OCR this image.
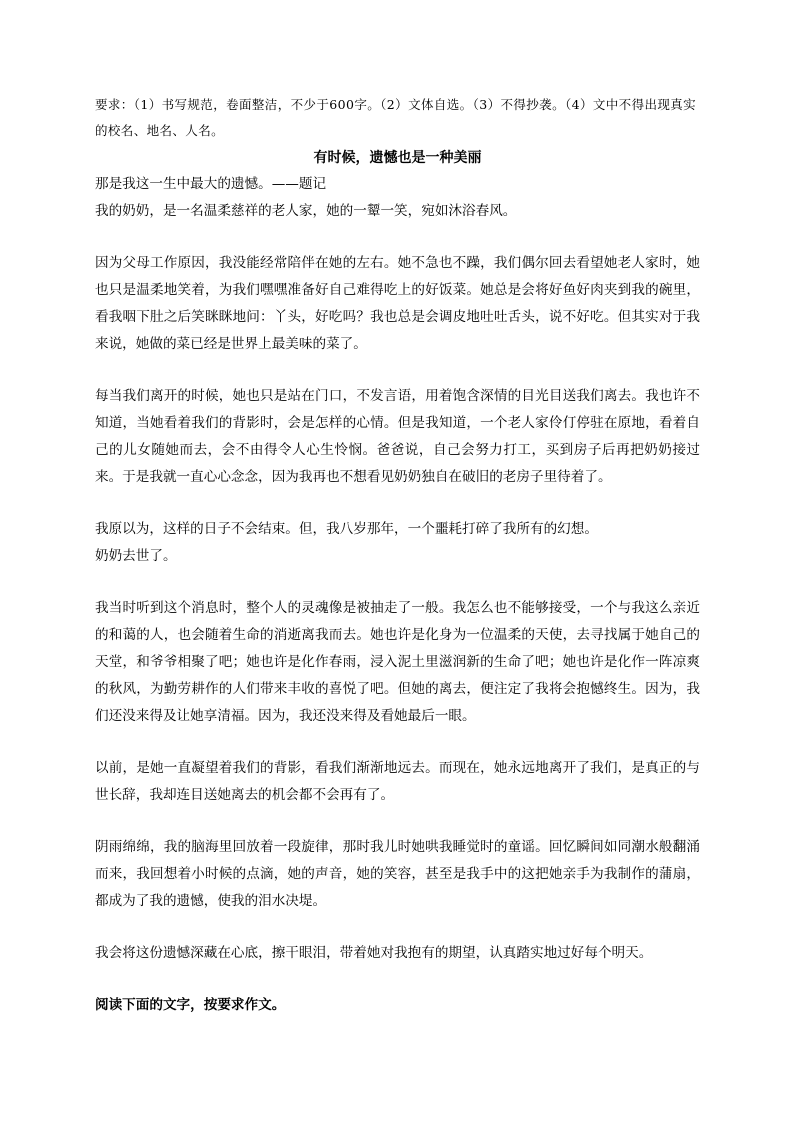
要求：（1）书写规范，卷面整洁，不少于600字。（2）文体自选。（3）不得抄袭。（4）文中不得出现真实的校名、地名、人名。

有时候，遗憾也是一种美丽

那是我这一生中最大的遗憾。——题记

我的奶奶，是一名温柔慈祥的老人家，她的一颦一笑，宛如沐浴春风。

因为父母工作原因，我没能经常陪伴在她的左右。她不急也不躁，我们偶尔回去看望她老人家时，她也只是温柔地笑着，为我们嘿嘿准备好自己难得吃上的好饭菜。她总是会将好鱼好肉夹到我的碗里，看我咽下肚之后笑眯眯地问：丫头，好吃吗？我也总是会调皮地吐吐舌头，说不好吃。但其实对于我来说，她做的菜已经是世界上最美味的菜了。

每当我们离开的时候，她也只是站在门口，不发言语，用着饱含深情的目光目送我们离去。我也许不知道，当她看着我们的背影时，会是怎样的心情。但是我知道，一个老人家伶仃停驻在原地，看着自己的儿女随她而去，会不由得令人心生怜悯。爸爸说，自己会努力打工，买到房子后再把奶奶接过来。于是我就一直心心念念，因为我再也不想看见奶奶独自在破旧的老房子里待着了。

我原以为，这样的日子不会结束。但，我八岁那年，一个噩耗打碎了我所有的幻想。

奶奶去世了。

我当时听到这个消息时，整个人的灵魂像是被抽走了一般。我怎么也不能够接受，一个与我这么亲近的和蔼的人，也会随着生命的消逝离我而去。她也许是化身为一位温柔的天使，去寻找属于她自己的天堂，和爷爷相聚了吧；她也许是化作春雨，浸入泥土里滋润新的生命了吧；她也许是化作一阵凉爽的秋风，为勤劳耕作的人们带来丰收的喜悦了吧。但她的离去，便注定了我将会抱憾终生。因为，我们还没来得及让她享清福。因为，我还没来得及看她最后一眼。

以前，是她一直凝望着我们的背影，看我们渐渐地远去。而现在，她永远地离开了我们，是真正的与世长辞，我却连目送她离去的机会都不会再有了。

阴雨绵绵，我的脑海里回放着一段旋律，那时我儿时她哄我睡觉时的童谣。回忆瞬间如同潮水般翻涌而来，我回想着小时候的点滴，她的声音，她的笑容，甚至是我手中的这把她亲手为我制作的蒲扇，都成为了我的遗憾，使我的泪水决堤。

我会将这份遗憾深藏在心底，擦干眼泪，带着她对我抱有的期望，认真踏实地过好每个明天。

阅读下面的文字，按要求作文。
